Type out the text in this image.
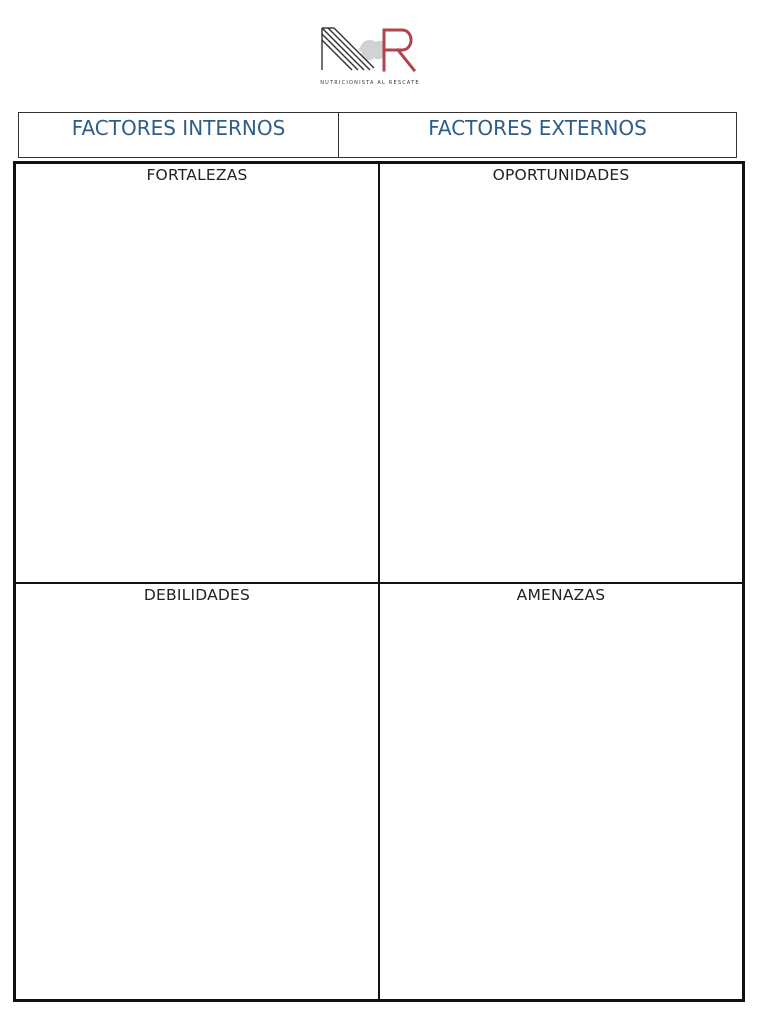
NUTRICIONISTA AL RESCATE
FACTORES INTERNOS	FACTORES EXTERNOS
FORTALEZAS	OPORTUNIDADES
DEBILIDADES	AMENAZAS
